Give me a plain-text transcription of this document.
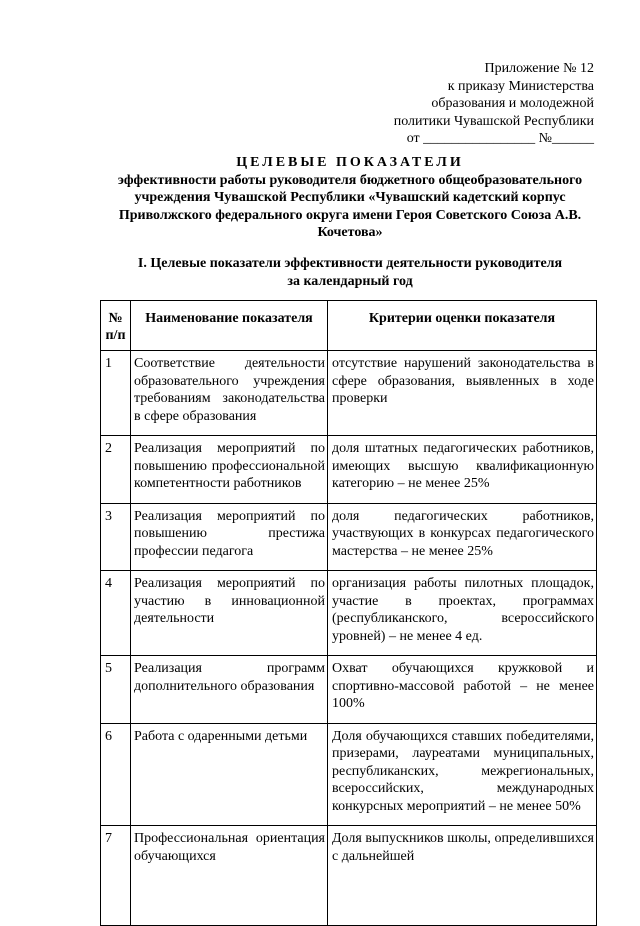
Приложение № 12
к приказу Министерства
образования и молодежной
политики Чувашской Республики
от ________________ №______
ЦЕЛЕВЫЕ ПОКАЗАТЕЛИ
эффективности работы руководителя бюджетного общеобразовательного учреждения Чувашской Республики «Чувашский кадетский корпус Приволжского федерального округа имени Героя Советского Союза А.В. Кочетова»
I. Целевые показатели эффективности деятельности руководителя
за календарный год
№ п/п	Наименование показателя	Критерии оценки показателя

1	Соответствие деятельности образовательного учреждения требованиям законодательства в сфере образования	отсутствие нарушений законодательства в сфере образования, выявленных в ходе проверки

2	Реализация мероприятий по повышению профессиональной компетентности работников	доля штатных педагогических работников, имеющих высшую квалификационную категорию – не менее 25%

3	Реализация мероприятий по повышению престижа профессии педагога	доля педагогических работников, участвующих в конкурсах педагогического мастерства – не менее 25%

4	Реализация мероприятий по участию в инновационной деятельности	организация работы пилотных площадок, участие в проектах, программах (республиканского, всероссийского уровней) – не менее 4 ед.

5	Реализация программ дополнительного образования	Охват обучающихся кружковой и спортивно-массовой работой – не менее 100%

6	Работа с одаренными детьми	Доля обучающихся ставших победителями, призерами, лауреатами муниципальных, республиканских, межрегиональных, всероссийских, международных конкурсных мероприятий – не менее 50%

7	Профессиональная ориентация обучающихся	Доля выпускников школы, определившихся с дальнейшей
